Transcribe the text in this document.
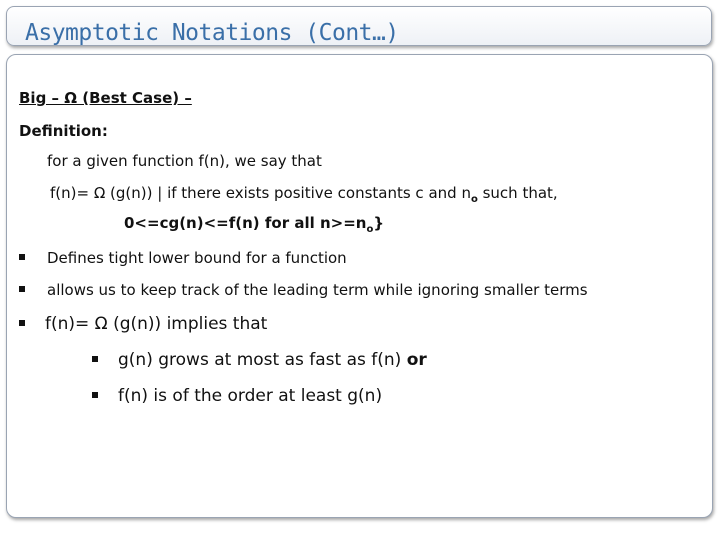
Asymptotic Notations (Cont…)
Big – Ω (Best Case) –
Definition:
for a given function f(n), we say that
f(n)= Ω (g(n)) | if there exists positive constants c and $n_o$ such that,
0<=cg(n)<=f(n) for all $n>=n_o$}
Defines tight lower bound for a function
allows us to keep track of the leading term while ignoring smaller terms
f(n)= Ω (g(n)) implies that
g(n) grows at most as fast as f(n) or
f(n) is of the order at least g(n)
